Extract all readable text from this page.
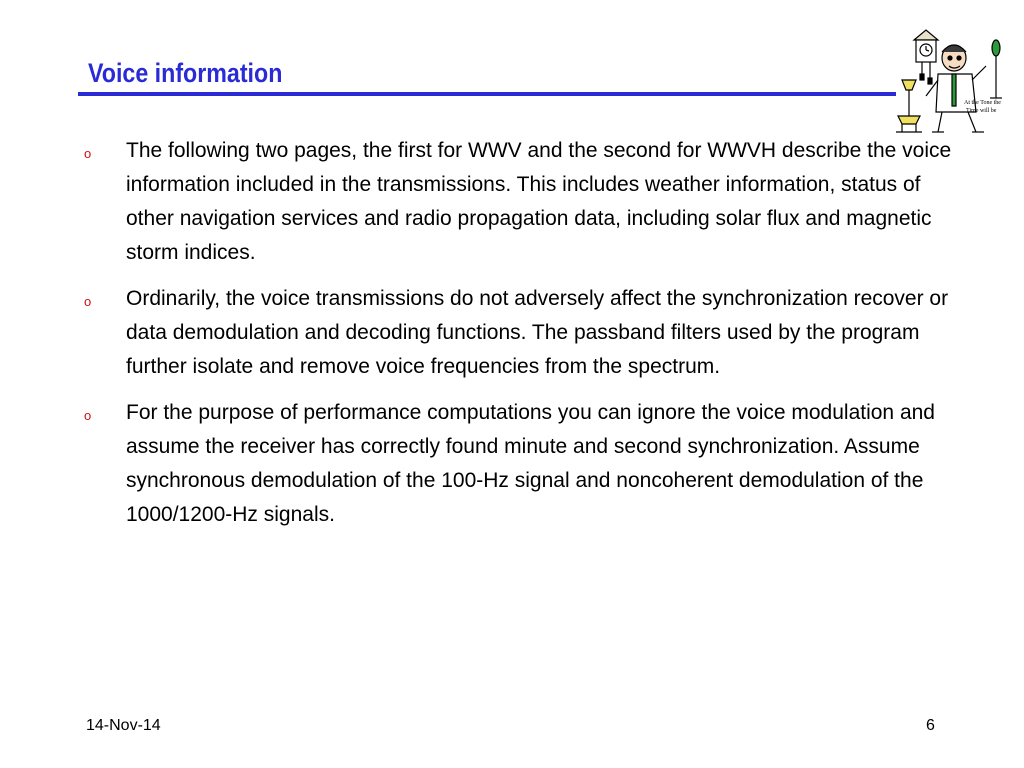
Voice information
At the Tone the
Time will be
o The following two pages, the first for WWV and the second for WWVH describe the voice information included in the transmissions. This includes weather information, status of other navigation services and radio propagation data, including solar flux and magnetic storm indices.
o Ordinarily, the voice transmissions do not adversely affect the synchronization recover or data demodulation and decoding functions. The passband filters used by the program further isolate and remove voice frequencies from the spectrum.
o For the purpose of performance computations you can ignore the voice modulation and assume the receiver has correctly found minute and second synchronization. Assume synchronous demodulation of the 100-Hz signal and noncoherent demodulation of the 1000/1200-Hz signals.
14-Nov-14	6
